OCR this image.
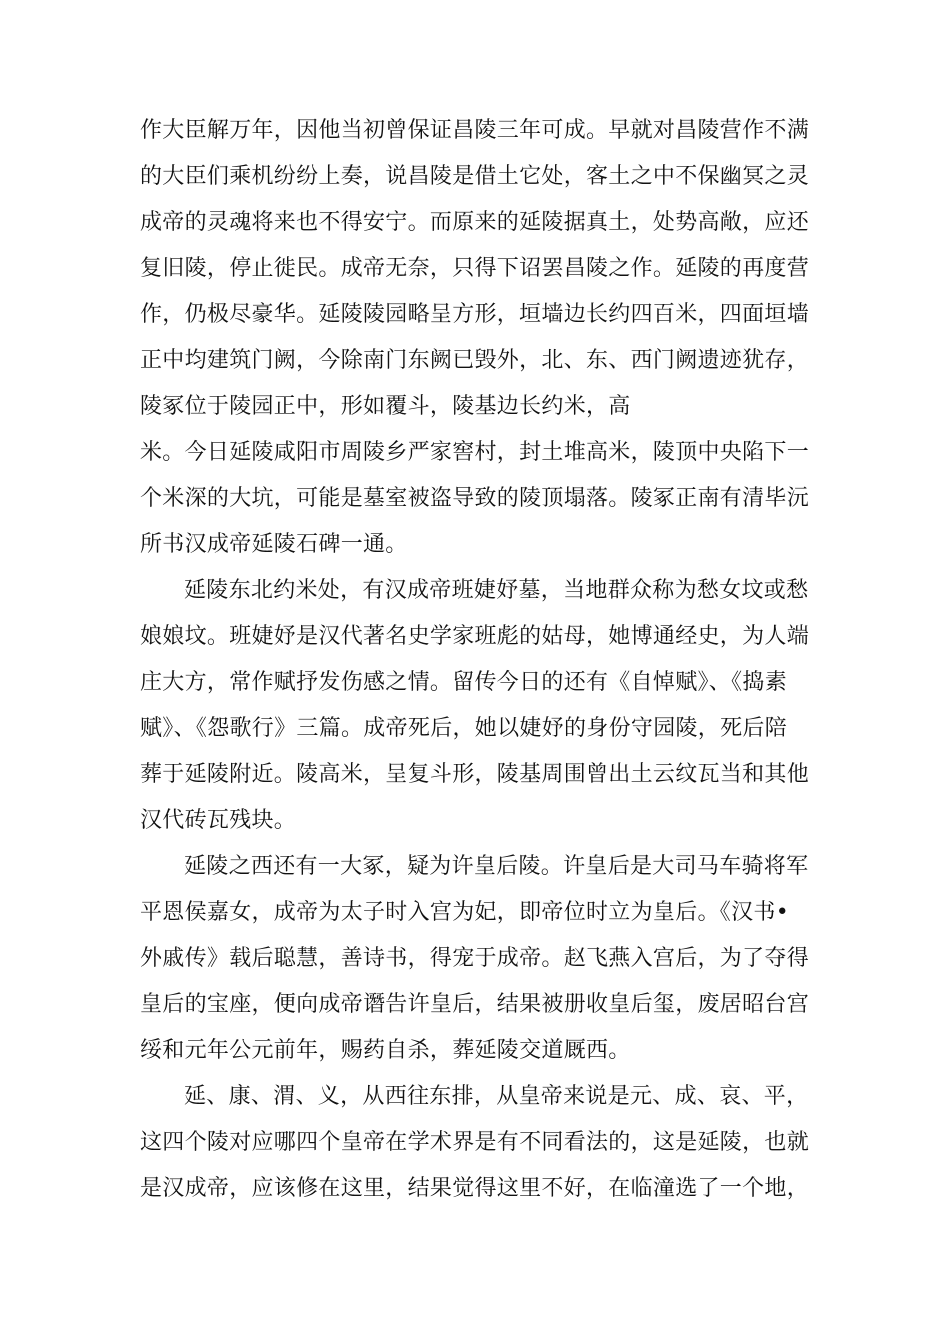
作大臣解万年，因他当初曾保证昌陵三年可成。早就对昌陵营作不满
的大臣们乘机纷纷上奏，说昌陵是借土它处，客土之中不保幽冥之灵
成帝的灵魂将来也不得安宁。而原来的延陵据真土，处势高敞，应还
复旧陵，停止徙民。成帝无奈，只得下诏罢昌陵之作。延陵的再度营
作，仍极尽豪华。延陵陵园略呈方形，垣墙边长约四百米，四面垣墙
正中均建筑门阙，今除南门东阙已毁外，北、东、西门阙遗迹犹存，
陵冢位于陵园正中，形如覆斗，陵基边长约米，高
米。今日延陵咸阳市周陵乡严家窖村，封土堆高米，陵顶中央陷下一
个米深的大坑，可能是墓室被盗导致的陵顶塌落。陵冢正南有清毕沅
所书汉成帝延陵石碑一通。
延陵东北约米处，有汉成帝班婕妤墓，当地群众称为愁女坟或愁
娘娘坟。班婕妤是汉代著名史学家班彪的姑母，她博通经史，为人端
庄大方，常作赋抒发伤感之情。留传今日的还有《自悼赋》、《捣素
赋》、《怨歌行》三篇。成帝死后，她以婕妤的身份守园陵，死后陪
葬于延陵附近。陵高米，呈复斗形，陵基周围曾出土云纹瓦当和其他
汉代砖瓦残块。
延陵之西还有一大冢，疑为许皇后陵。许皇后是大司马车骑将军
平恩侯嘉女，成帝为太子时入宫为妃，即帝位时立为皇后。《汉书•
外戚传》载后聪慧，善诗书，得宠于成帝。赵飞燕入宫后，为了夺得
皇后的宝座，便向成帝谮告许皇后，结果被册收皇后玺，废居昭台宫
绥和元年公元前年，赐药自杀，葬延陵交道厩西。
延、康、渭、义，从西往东排，从皇帝来说是元、成、哀、平，
这四个陵对应哪四个皇帝在学术界是有不同看法的，这是延陵，也就
是汉成帝，应该修在这里，结果觉得这里不好，在临潼选了一个地，
